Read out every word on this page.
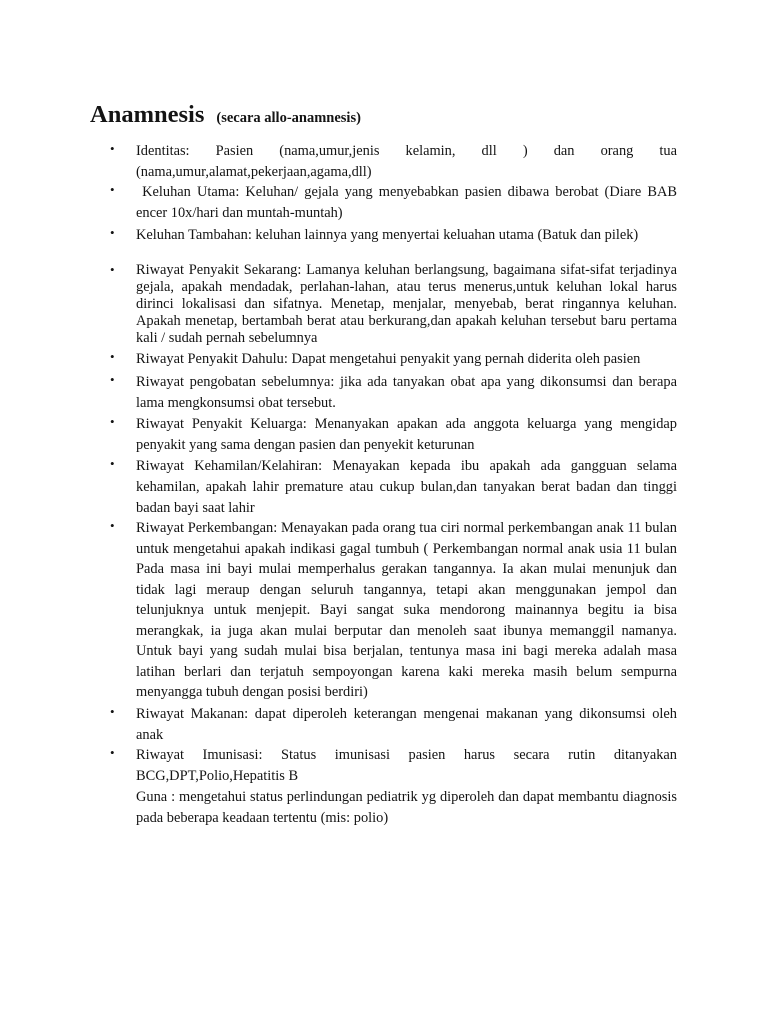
Anamnesis (secara allo-anamnesis)
• Identitas: Pasien (nama,umur,jenis kelamin, dll ) dan orang tua (nama,umur,alamat,pekerjaan,agama,dll)

• Keluhan Utama: Keluhan/ gejala yang menyebabkan pasien dibawa berobat (Diare BAB encer 10x/hari dan muntah-muntah)

• Keluhan Tambahan: keluhan lainnya yang menyertai keluahan utama (Batuk dan pilek)

• Riwayat Penyakit Sekarang: Lamanya keluhan berlangsung, bagaimana sifat-sifat terjadinya gejala, apakah mendadak, perlahan-lahan, atau terus menerus,untuk keluhan lokal harus dirinci lokalisasi dan sifatnya. Menetap, menjalar, menyebab, berat ringannya keluhan. Apakah menetap, bertambah berat atau berkurang,dan apakah keluhan tersebut baru pertama kali / sudah pernah sebelumnya

• Riwayat Penyakit Dahulu: Dapat mengetahui penyakit yang pernah diderita oleh pasien

• Riwayat pengobatan sebelumnya: jika ada tanyakan obat apa yang dikonsumsi dan berapa lama mengkonsumsi obat tersebut.

• Riwayat Penyakit Keluarga: Menanyakan apakan ada anggota keluarga yang mengidap penyakit yang sama dengan pasien dan penyekit keturunan

• Riwayat Kehamilan/Kelahiran: Menayakan kepada ibu apakah ada gangguan selama kehamilan, apakah lahir premature atau cukup bulan,dan tanyakan berat badan dan tinggi badan bayi saat lahir

• Riwayat Perkembangan: Menayakan pada orang tua ciri normal perkembangan anak 11 bulan untuk mengetahui apakah indikasi gagal tumbuh ( Perkembangan normal anak usia 11 bulan Pada masa ini bayi mulai memperhalus gerakan tangannya. Ia akan mulai menunjuk dan tidak lagi meraup dengan seluruh tangannya, tetapi akan menggunakan jempol dan telunjuknya untuk menjepit. Bayi sangat suka mendorong mainannya begitu ia bisa merangkak, ia juga akan mulai berputar dan menoleh saat ibunya memanggil namanya. Untuk bayi yang sudah mulai bisa berjalan, tentunya masa ini bagi mereka adalah masa latihan berlari dan terjatuh sempoyongan karena kaki mereka masih belum sempurna menyangga tubuh dengan posisi berdiri)

• Riwayat Makanan: dapat diperoleh keterangan mengenai makanan yang dikonsumsi oleh anak

• Riwayat Imunisasi: Status imunisasi pasien harus secara rutin ditanyakan BCG,DPT,Polio,Hepatitis B

Guna : mengetahui status perlindungan pediatrik yg diperoleh dan dapat membantu diagnosis pada beberapa keadaan tertentu (mis: polio)
